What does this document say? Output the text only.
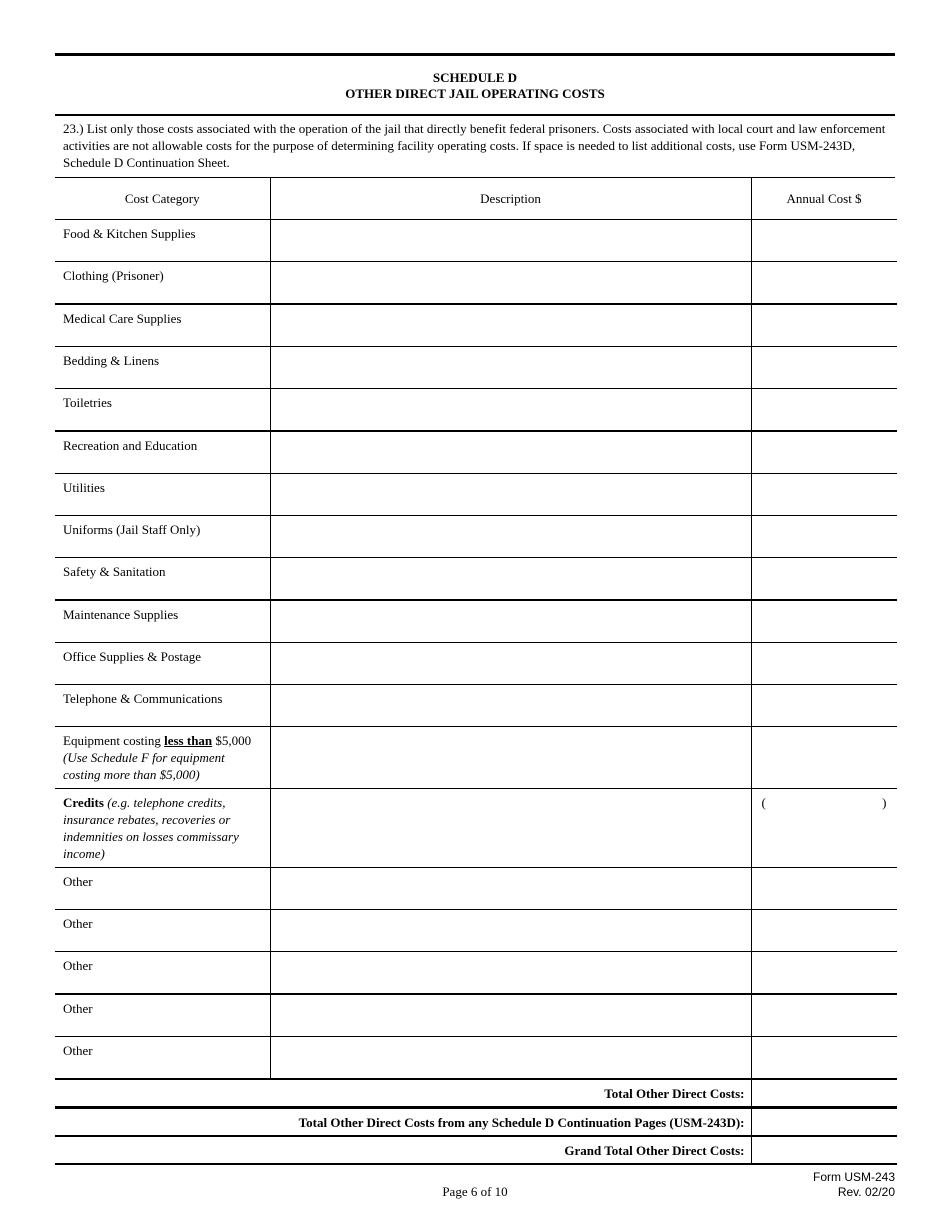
SCHEDULE D
OTHER DIRECT JAIL OPERATING COSTS
23.) List only those costs associated with the operation of the jail that directly benefit federal prisoners. Costs associated with local court and law enforcement activities are not allowable costs for the purpose of determining facility operating costs. If space is needed to list additional costs, use Form USM-243D, Schedule D Continuation Sheet.
Cost Category	Description	Annual Cost $
Food & Kitchen Supplies		
Clothing (Prisoner)		
Medical Care Supplies		
Bedding & Linens		
Toiletries		
Recreation and Education		
Utilities		
Uniforms (Jail Staff Only)		
Safety & Sanitation		
Maintenance Supplies		
Office Supplies & Postage		
Telephone & Communications		
Equipment costing less than $5,000
(Use Schedule F for equipment costing more than $5,000)		

Credits (e.g. telephone credits, insurance rebates, recoveries or indemnities on losses commissary income)		( )

Other		
Other		
Other		
Other		
Other		
Total Other Direct Costs:		
Total Other Direct Costs from any Schedule D Continuation Pages (USM-243D):		
Grand Total Other Direct Costs:		
Page 6 of 10
Form USM-243
Rev. 02/20
